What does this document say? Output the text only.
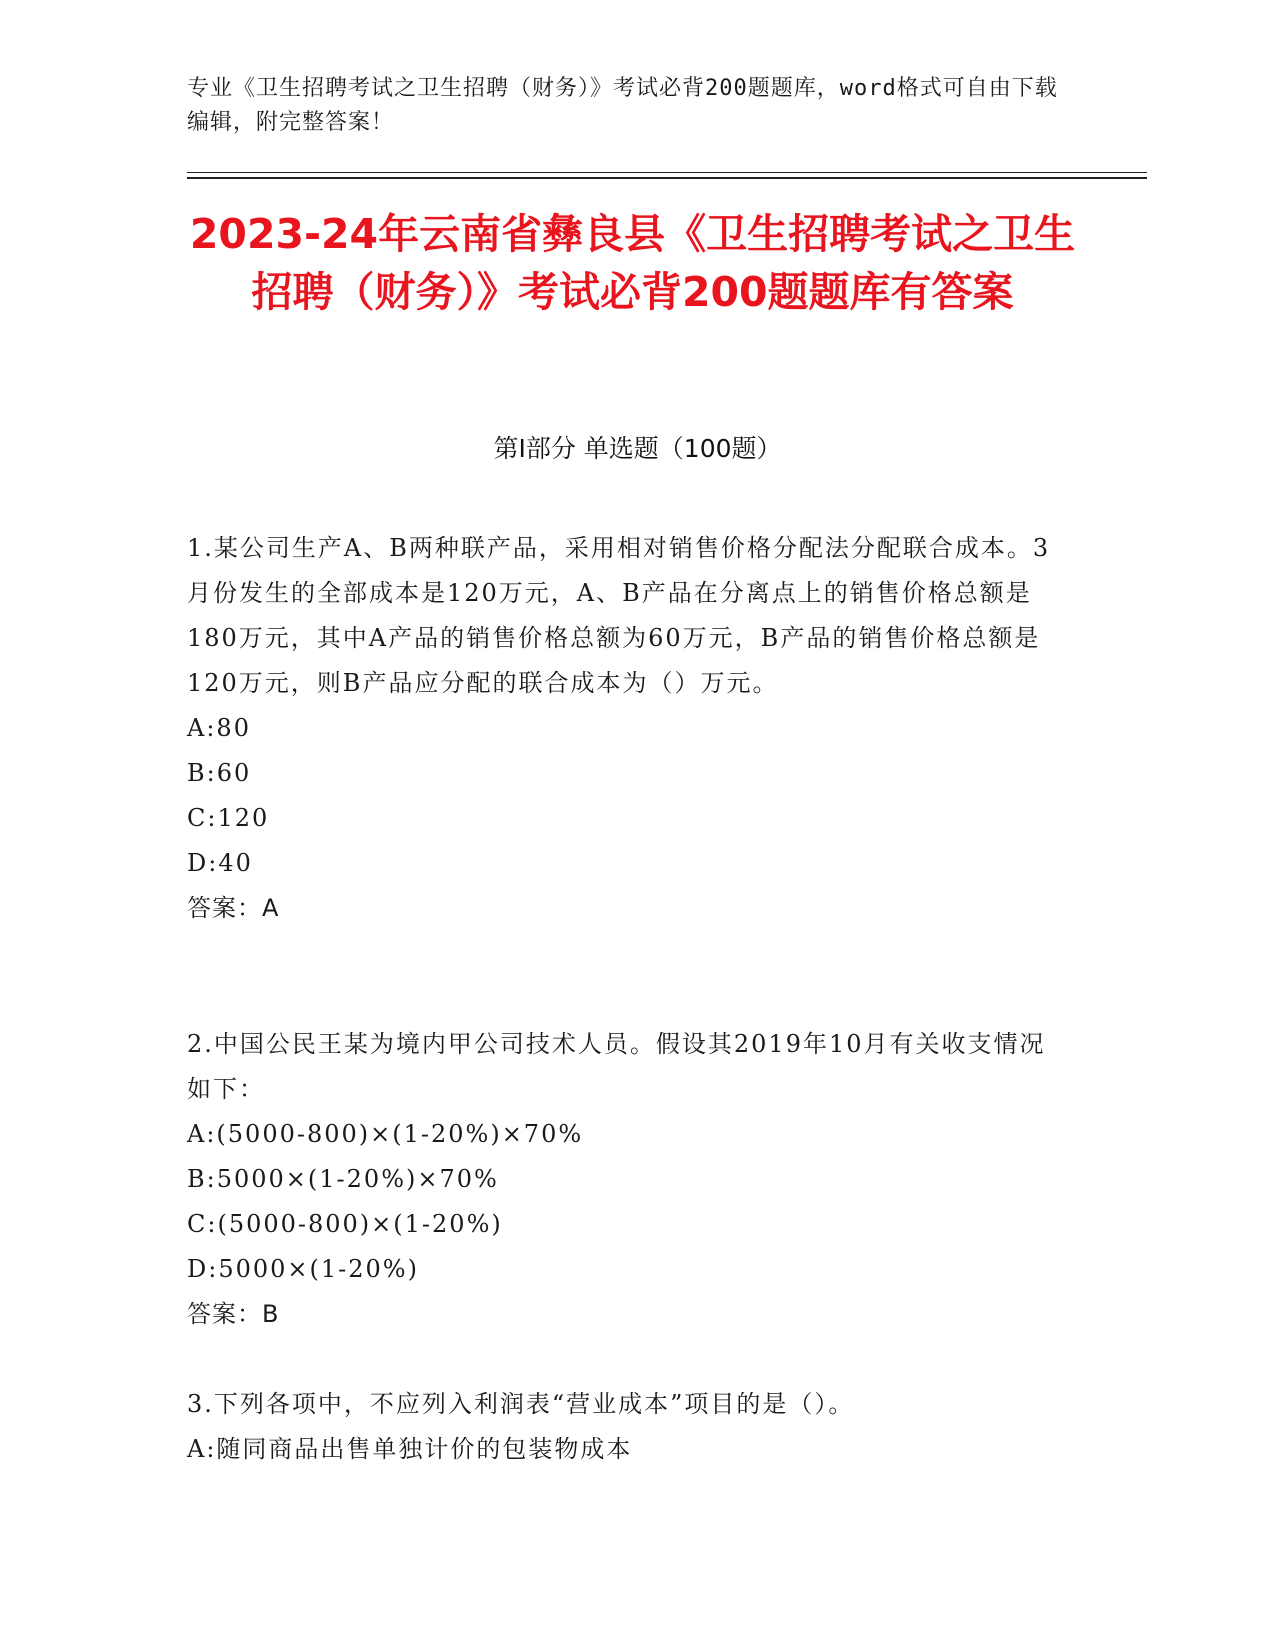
专业《卫生招聘考试之卫生招聘（财务）》考试必背200题题库，word格式可自由下载编辑，附完整答案！
2023-24年云南省彝良县《卫生招聘考试之卫生招聘（财务）》考试必背200题题库有答案
第I部分 单选题（100题）

1.某公司生产A、B两种联产品，采用相对销售价格分配法分配联合成本。3月份发生的全部成本是120万元，A、B产品在分离点上的销售价格总额是180万元，其中A产品的销售价格总额为60万元，B产品的销售价格总额是120万元，则B产品应分配的联合成本为（）万元。

A:80

B:60

C:120

D:40

答案：A

2.中国公民王某为境内甲公司技术人员。假设其2019年10月有关收支情况如下：

A:(5000-800)×(1-20%)×70%

B:5000×(1-20%)×70%

C:(5000-800)×(1-20%)

D:5000×(1-20%)

答案：B

3.下列各项中，不应列入利润表“营业成本”项目的是（）。

A:随同商品出售单独计价的包装物成本
